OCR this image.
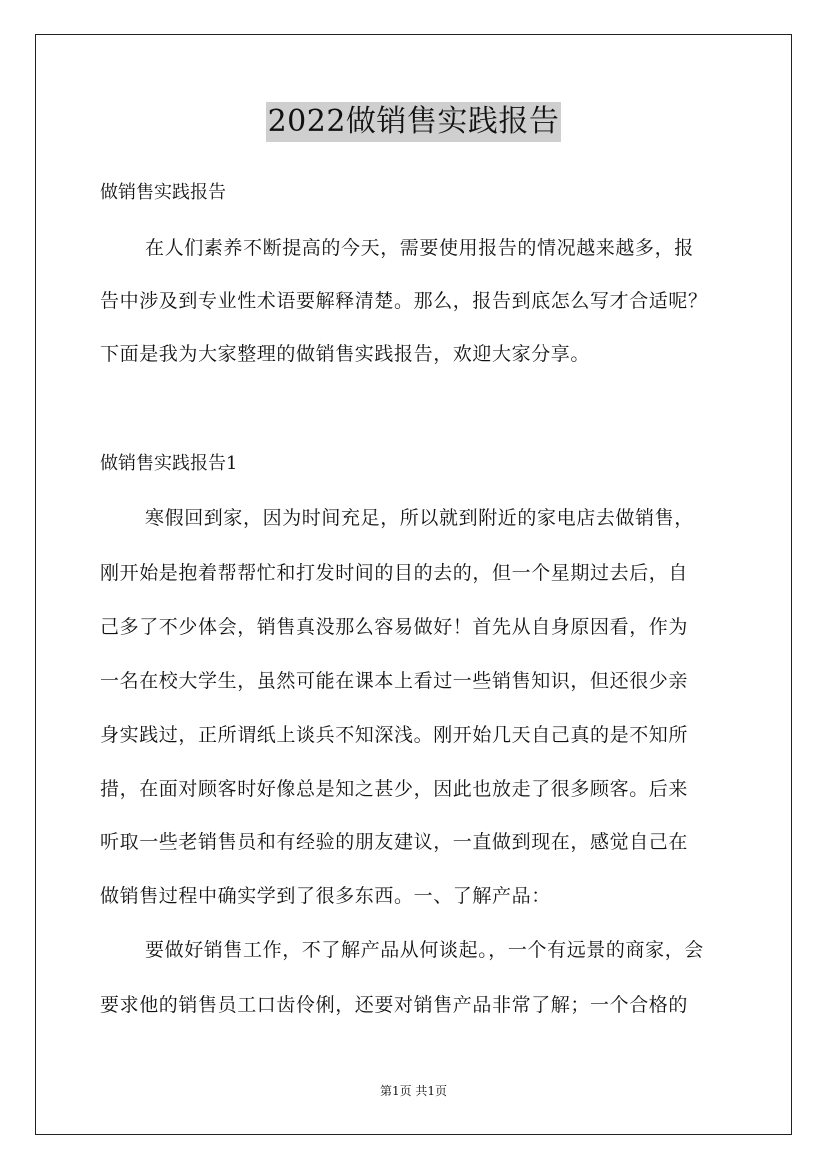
2022做销售实践报告
做销售实践报告
在人们素养不断提高的今天，需要使用报告的情况越来越多，报
告中涉及到专业性术语要解释清楚。那么，报告到底怎么写才合适呢？
下面是我为大家整理的做销售实践报告，欢迎大家分享。
做销售实践报告1
寒假回到家，因为时间充足，所以就到附近的家电店去做销售，
刚开始是抱着帮帮忙和打发时间的目的去的，但一个星期过去后，自
己多了不少体会，销售真没那么容易做好！首先从自身原因看，作为
一名在校大学生，虽然可能在课本上看过一些销售知识，但还很少亲
身实践过，正所谓纸上谈兵不知深浅。刚开始几天自己真的是不知所
措，在面对顾客时好像总是知之甚少，因此也放走了很多顾客。后来
听取一些老销售员和有经验的朋友建议，一直做到现在，感觉自己在
做销售过程中确实学到了很多东西。一、了解产品：
要做好销售工作，不了解产品从何谈起。，一个有远景的商家，会
要求他的销售员工口齿伶俐，还要对销售产品非常了解；一个合格的
第1页 共1页
